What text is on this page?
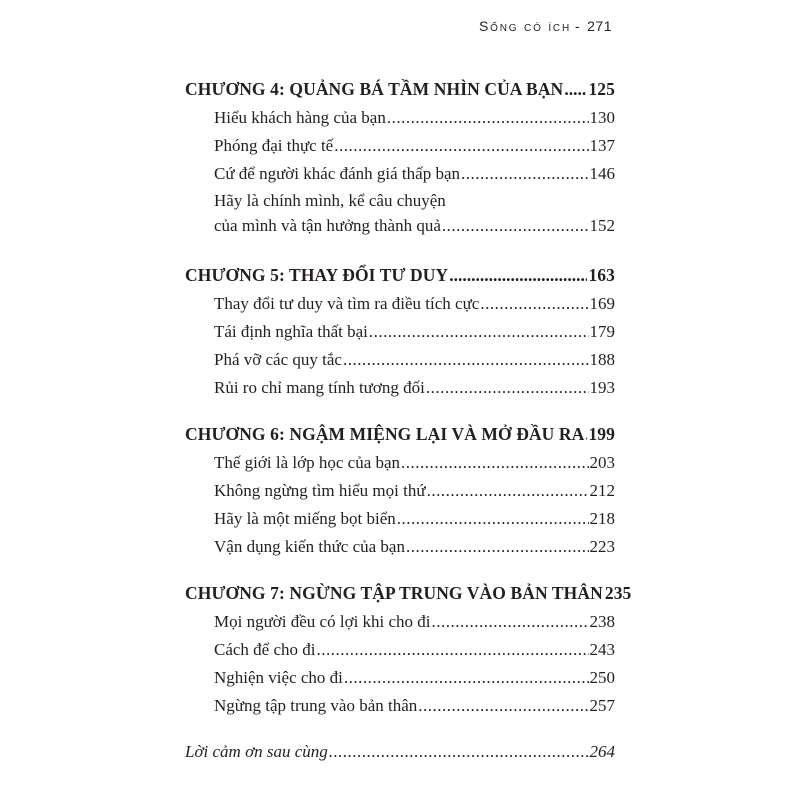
Sống có ích - 271
CHƯƠNG 4: QUẢNG BÁ TẦM NHÌN CỦA BẠN ..... 125
Hiểu khách hàng của bạn .....	130
Phóng đại thực tế .....	137
Cứ để người khác đánh giá thấp bạn .....	146
Hãy là chính mình, kể câu chuyện
của mình và tận hưởng thành quả .....	152
CHƯƠNG 5: THAY ĐỔI TƯ DUY .....	163
Thay đổi tư duy và tìm ra điều tích cực .....	169
Tái định nghĩa thất bại .....	179
Phá vỡ các quy tắc .....	188
Rủi ro chỉ mang tính tương đối .....	193
CHƯƠNG 6: NGẬM MIỆNG LẠI VÀ MỞ ĐẦU RA ..... 199
Thế giới là lớp học của bạn .....	203
Không ngừng tìm hiểu mọi thứ .....	212
Hãy là một miếng bọt biển .....	218
Vận dụng kiến thức của bạn .....	223
CHƯƠNG 7: NGỪNG TẬP TRUNG VÀO BẢN THÂN 235
Mọi người đều có lợi khi cho đi .....	238
Cách để cho đi .....	243
Nghiện việc cho đi .....	250
Ngừng tập trung vào bản thân .....	257
Lời cảm ơn sau cùng .....	264
